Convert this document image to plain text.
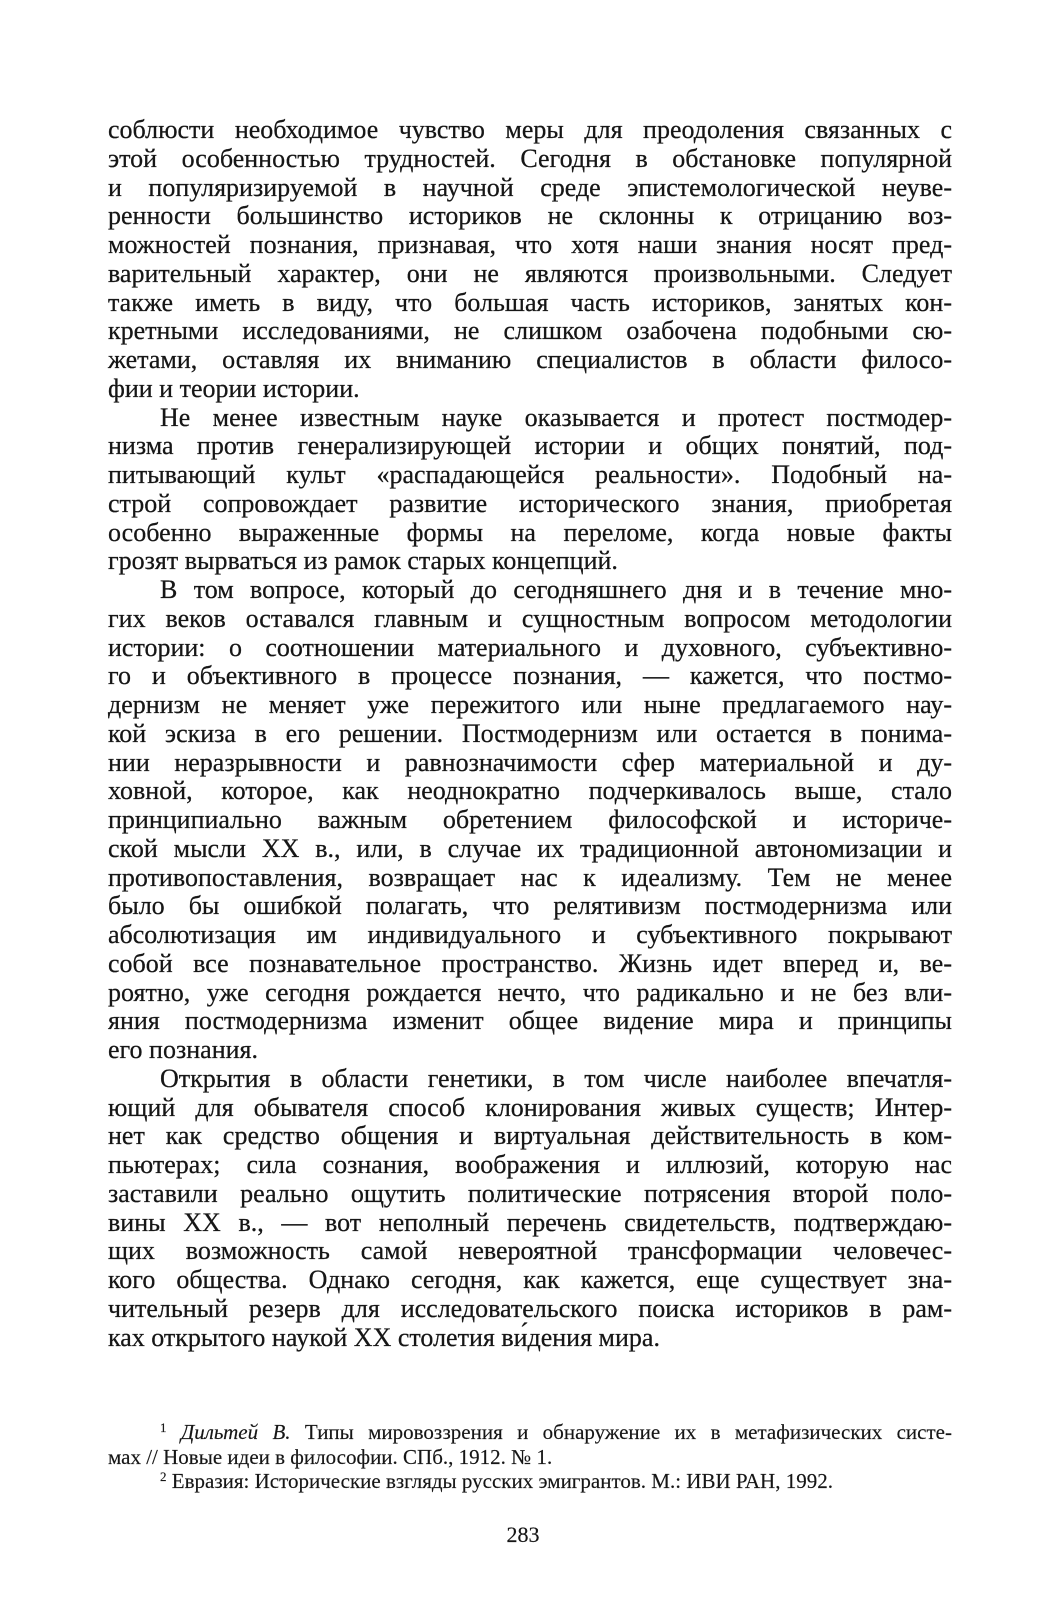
соблюсти необходимое чувство меры для преодоления связанных с
этой особенностью трудностей. Сегодня в обстановке популярной
и популяризируемой в научной среде эпистемологической неуве-
ренности большинство историков не склонны к отрицанию воз-
можностей познания, признавая, что хотя наши знания носят пред-
варительный характер, они не являются произвольными. Следует
также иметь в виду, что большая часть историков, занятых кон-
кретными исследованиями, не слишком озабочена подобными сю-
жетами, оставляя их вниманию специалистов в области филосо-
фии и теории истории.
Не менее известным науке оказывается и протест постмодер-
низма против генерализирующей истории и общих понятий, под-
питывающий культ «распадающейся реальности». Подобный на-
строй сопровождает развитие исторического знания, приобретая
особенно выраженные формы на переломе, когда новые факты
грозят вырваться из рамок старых концепций.
В том вопросе, который до сегодняшнего дня и в течение мно-
гих веков оставался главным и сущностным вопросом методологии
истории: о соотношении материального и духовного, субъективно-
го и объективного в процессе познания, — кажется, что постмо-
дернизм не меняет уже пережитого или ныне предлагаемого нау-
кой эскиза в его решении. Постмодернизм или остается в понима-
нии неразрывности и равнозначимости сфер материальной и ду-
ховной, которое, как неоднократно подчеркивалось выше, стало
принципиально важным обретением философской и историче-
ской мысли XX в., или, в случае их традиционной автономизации и
противопоставления, возвращает нас к идеализму. Тем не менее
было бы ошибкой полагать, что релятивизм постмодернизма или
абсолютизация им индивидуального и субъективного покрывают
собой все познавательное пространство. Жизнь идет вперед и, ве-
роятно, уже сегодня рождается нечто, что радикально и не без вли-
яния постмодернизма изменит общее видение мира и принципы
его познания.
Открытия в области генетики, в том числе наиболее впечатля-
ющий для обывателя способ клонирования живых существ; Интер-
нет как средство общения и виртуальная действительность в ком-
пьютерах; сила сознания, воображения и иллюзий, которую нас
заставили реально ощутить политические потрясения второй поло-
вины XX в., — вот неполный перечень свидетельств, подтверждаю-
щих возможность самой невероятной трансформации человечес-
кого общества. Однако сегодня, как кажется, еще существует зна-
чительный резерв для исследовательского поиска историков в рам-
ках открытого наукой XX столетия ви́дения мира.
$^1$ Дильтей В. Типы мировоззрения и обнаружение их в метафизических систе-
мах // Новые идеи в философии. СПб., 1912. № 1.
$^2$ Евразия: Исторические взгляды русских эмигрантов. М.: ИВИ РАН, 1992.
283
